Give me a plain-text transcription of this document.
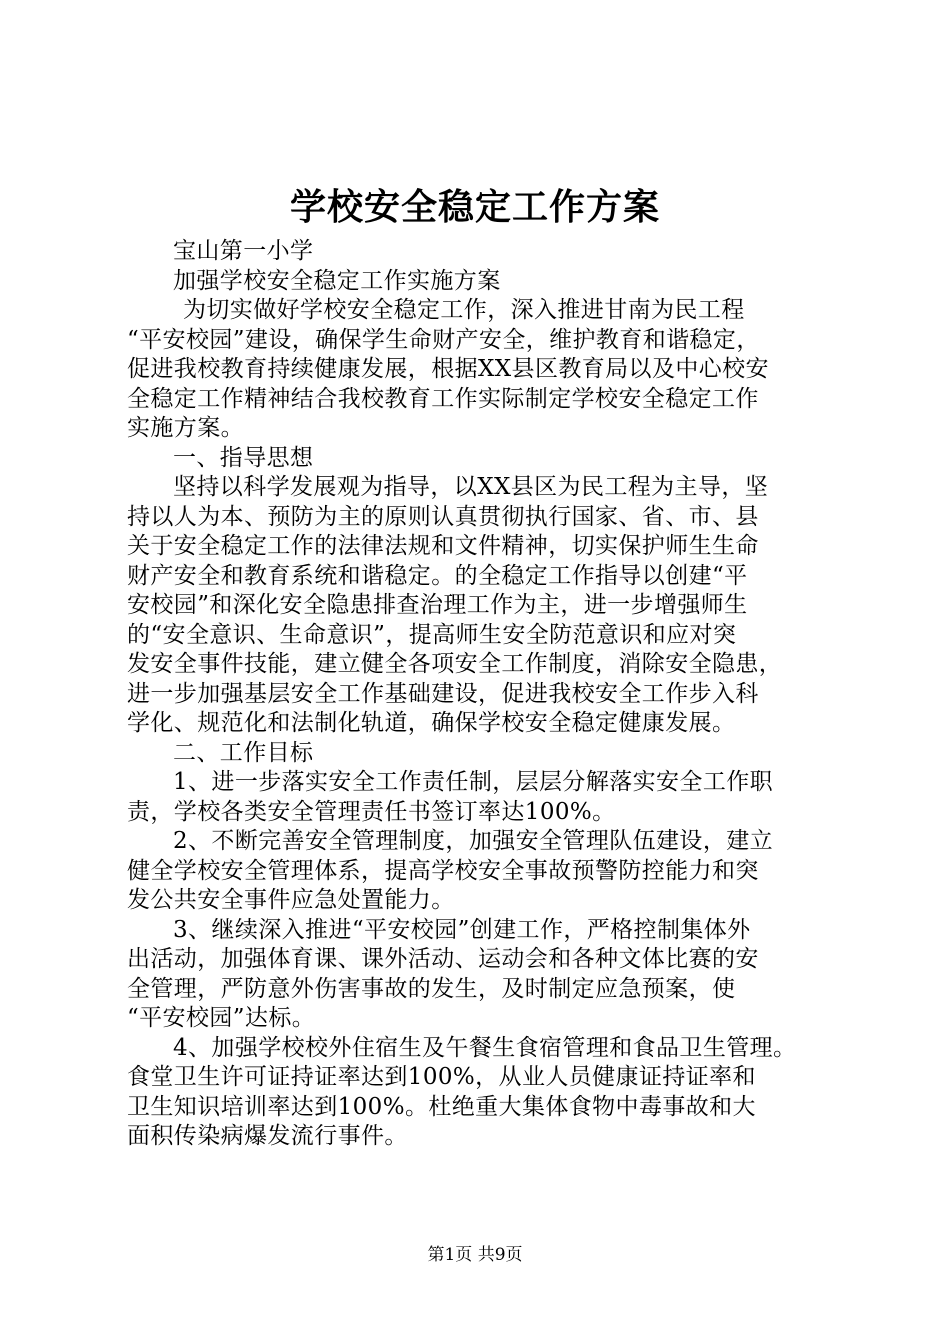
学校安全稳定工作方案
宝山第一小学
加强学校安全稳定工作实施方案
为切实做好学校安全稳定工作，深入推进甘南为民工程
“平安校园”建设，确保学生命财产安全，维护教育和谐稳定，
促进我校教育持续健康发展，根据XX县区教育局以及中心校安
全稳定工作精神结合我校教育工作实际制定学校安全稳定工作
实施方案。
一、指导思想
坚持以科学发展观为指导，以XX县区为民工程为主导，坚
持以人为本、预防为主的原则认真贯彻执行国家、省、市、县
关于安全稳定工作的法律法规和文件精神，切实保护师生生命
财产安全和教育系统和谐稳定。的全稳定工作指导以创建“平
安校园”和深化安全隐患排查治理工作为主，进一步增强师生
的“安全意识、生命意识”，提高师生安全防范意识和应对突
发安全事件技能，建立健全各项安全工作制度，消除安全隐患，
进一步加强基层安全工作基础建设，促进我校安全工作步入科
学化、规范化和法制化轨道，确保学校安全稳定健康发展。
二、工作目标
1、进一步落实安全工作责任制，层层分解落实安全工作职
责，学校各类安全管理责任书签订率达100%。
2、不断完善安全管理制度，加强安全管理队伍建设，建立
健全学校安全管理体系，提高学校安全事故预警防控能力和突
发公共安全事件应急处置能力。
3、继续深入推进“平安校园”创建工作，严格控制集体外
出活动，加强体育课、课外活动、运动会和各种文体比赛的安
全管理，严防意外伤害事故的发生，及时制定应急预案，使
“平安校园”达标。
4、加强学校校外住宿生及午餐生食宿管理和食品卫生管理。
食堂卫生许可证持证率达到100%，从业人员健康证持证率和
卫生知识培训率达到100%。杜绝重大集体食物中毒事故和大
面积传染病爆发流行事件。
第1页 共9页
